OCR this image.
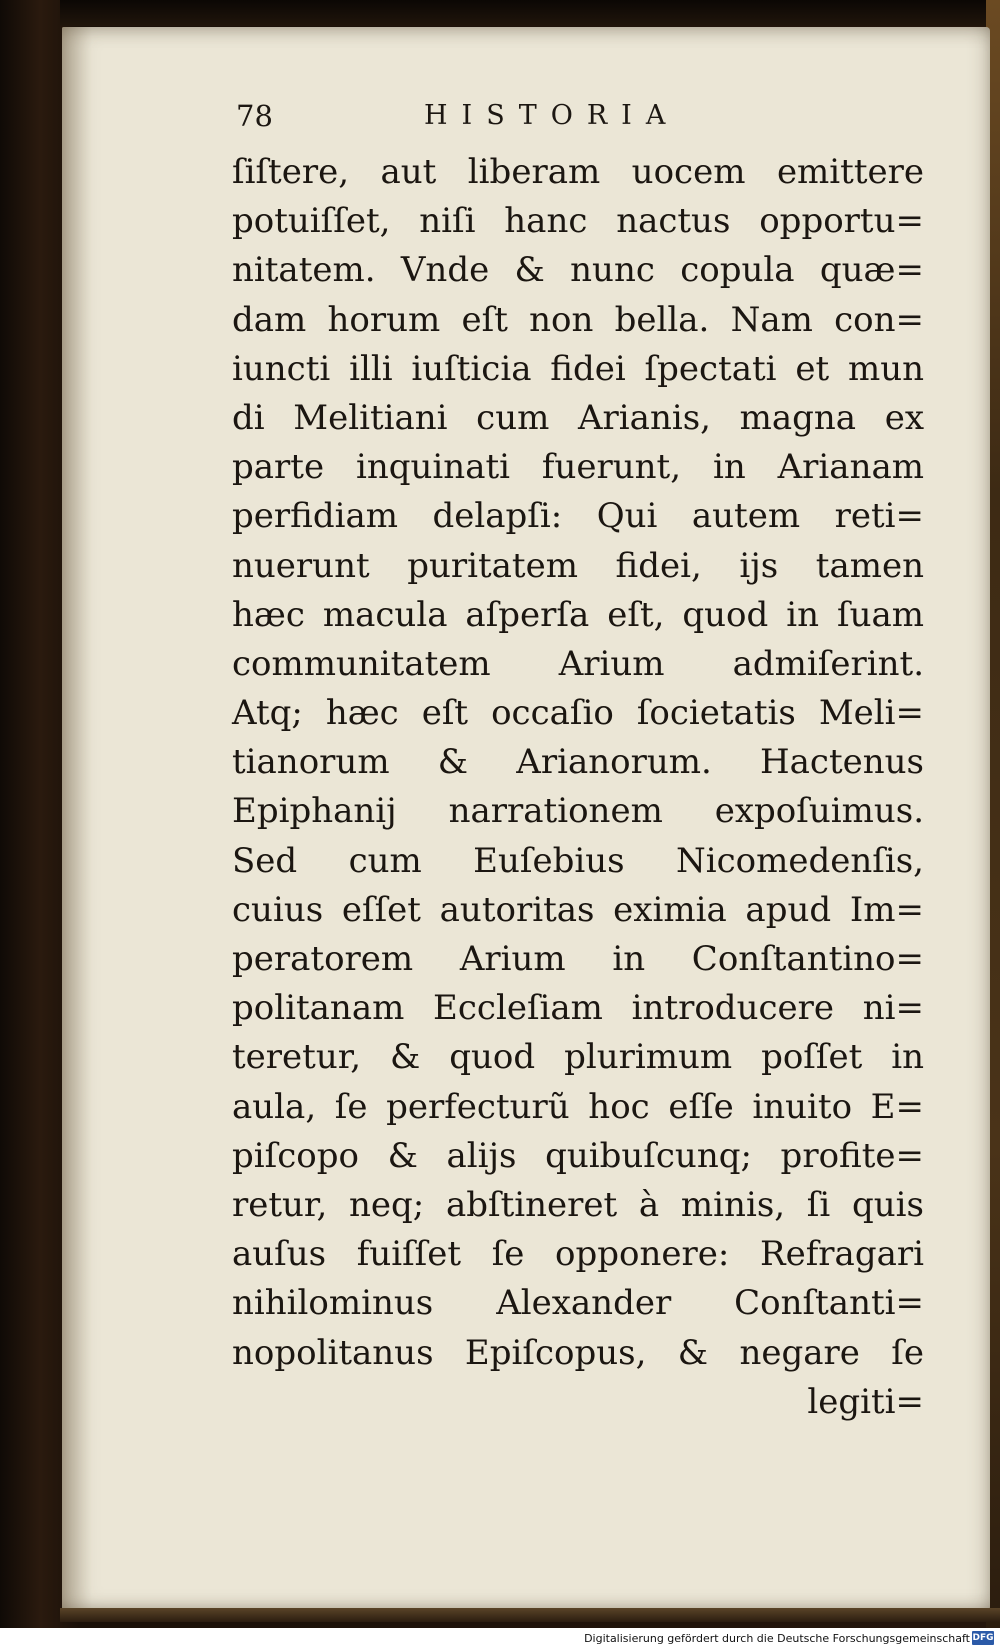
78	HISTORIA
ſiſtere, aut liberam uocem emittere
potuiſſet, niſi hanc nactus opportu=
nitatem. Vnde & nunc copula quæ=
dam horum eſt non bella. Nam con=
iuncti illi iuſticia fidei ſpectati et mun
di Melitiani cum Arianis, magna ex
parte inquinati fuerunt, in Arianam
perfidiam delapſi: Qui autem reti=
nuerunt puritatem fidei, ijs tamen
hæc macula aſperſa eſt, quod in ſuam
communitatem Arium admiſerint.
Atq; hæc eſt occaſio ſocietatis Meli=
tianorum & Arianorum. Hactenus
Epiphanij narrationem expoſuimus.
Sed cum Euſebius Nicomedenſis,
cuius eſſet autoritas eximia apud Im=
peratorem Arium in Conſtantino=
politanam Eccleſiam introducere ni=
teretur, & quod plurimum poſſet in
aula, ſe perfecturũ hoc eſſe inuito E=
piſcopo & alijs quibuſcunq; profite=
retur, neq; abſtineret à minis, ſi quis
auſus fuiſſet ſe opponere: Refragari
nihilominus Alexander Conſtanti=
nopolitanus Epiſcopus, & negare ſe
legiti=
Digitalisierung gefördert durch die Deutsche Forschungsgemeinschaft DFG
